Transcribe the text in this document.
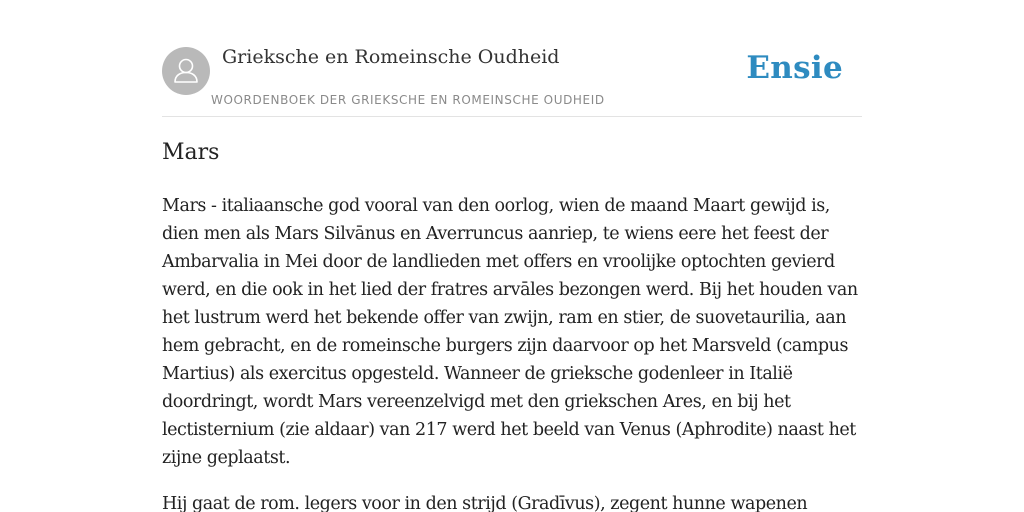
Grieksche en Romeinsche Oudheid
WOORDENBOEK DER GRIEKSCHE EN ROMEINSCHE OUDHEID
Ensie
Mars

Mars - italiaansche god vooral van den oorlog, wien de maand Maart gewijd is, dien men als Mars Silvānus en Averruncus aanriep, te wiens eere het feest der Ambarvalia in Mei door de landlieden met offers en vroolijke optochten gevierd werd, en die ook in het lied der fratres arvāles bezongen werd. Bij het houden van het lustrum werd het bekende offer van zwijn, ram en stier, de suovetaurilia, aan hem gebracht, en de romeinsche burgers zijn daarvoor op het Marsveld (campus Martius) als exercitus opgesteld. Wanneer de grieksche godenleer in Italië doordringt, wordt Mars vereenzelvigd met den griekschen Ares, en bij het lectisternium (zie aldaar) van 217 werd het beeld van Venus (Aphrodite) naast het zijne geplaatst.

Hij gaat de rom. legers voor in den strijd (Gradīvus), zegent hunne wapenen
